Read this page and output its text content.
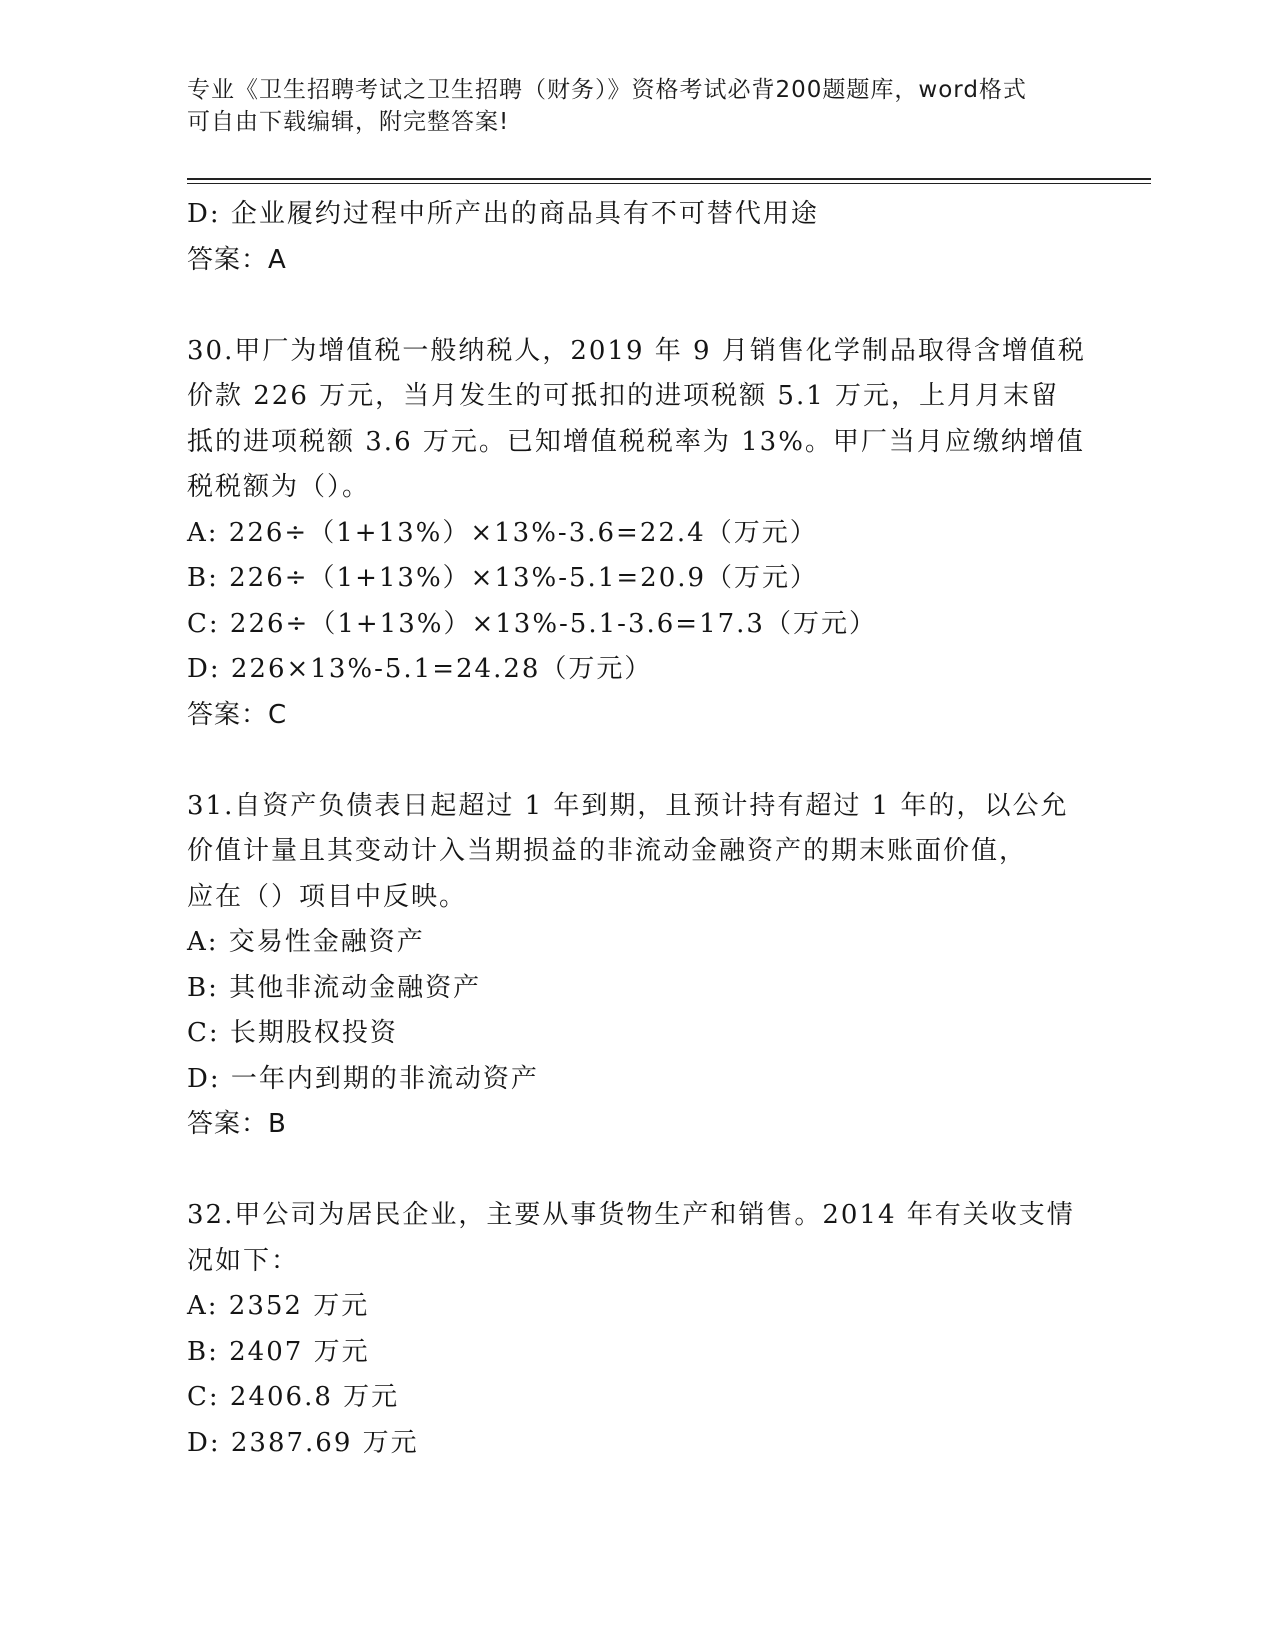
专业《卫生招聘考试之卫生招聘（财务）》资格考试必背200题题库，word格式
可自由下载编辑，附完整答案!
D: 企业履约过程中所产出的商品具有不可替代用途
答案：A
30.甲厂为增值税一般纳税人，2019 年 9 月销售化学制品取得含增值税
价款 226 万元，当月发生的可抵扣的进项税额 5.1 万元，上月月末留
抵的进项税额 3.6 万元。已知增值税税率为 13%。甲厂当月应缴纳增值
税税额为（）。
A: 226÷（1+13%）×13%-3.6=22.4（万元）
B: 226÷（1+13%）×13%-5.1=20.9（万元）
C: 226÷（1+13%）×13%-5.1-3.6=17.3（万元）
D: 226×13%-5.1=24.28（万元）
答案：C
31.自资产负债表日起超过 1 年到期，且预计持有超过 1 年的，以公允
价值计量且其变动计入当期损益的非流动金融资产的期末账面价值，
应在（）项目中反映。
A: 交易性金融资产
B: 其他非流动金融资产
C: 长期股权投资
D: 一年内到期的非流动资产
答案：B
32.甲公司为居民企业，主要从事货物生产和销售。2014 年有关收支情
况如下：
A: 2352 万元
B: 2407 万元
C: 2406.8 万元
D: 2387.69 万元
